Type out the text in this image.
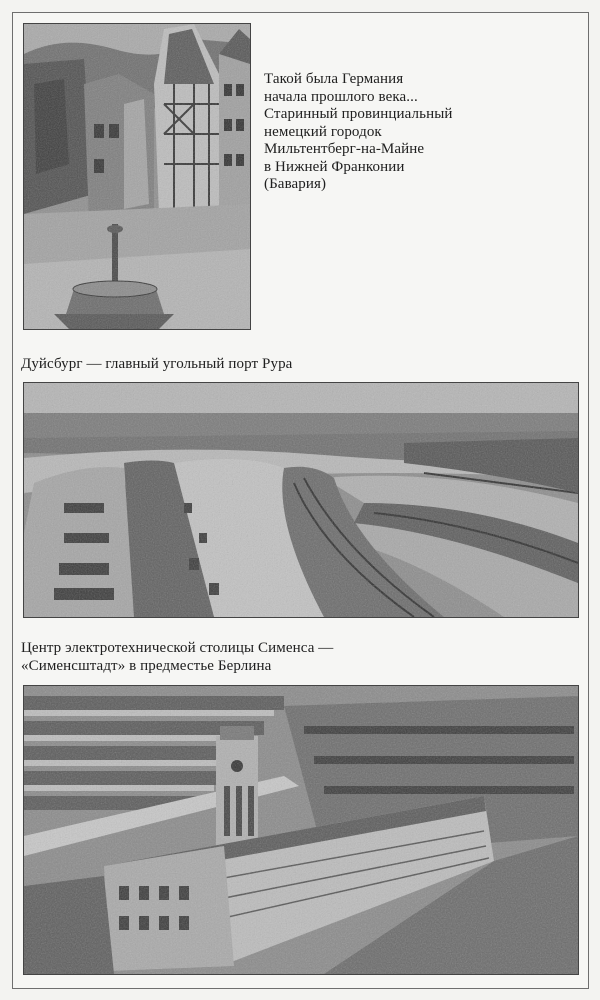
Такой была Германия
начала прошлого века...
Старинный провинциальный
немецкий городок
Мильтентберг-на-Майне
в Нижней Франконии
(Бавария)
Дуйсбург — главный угольный порт Рура
Центр электротехнической столицы Сименса —
«Сименсштадт» в предместье Берлина
